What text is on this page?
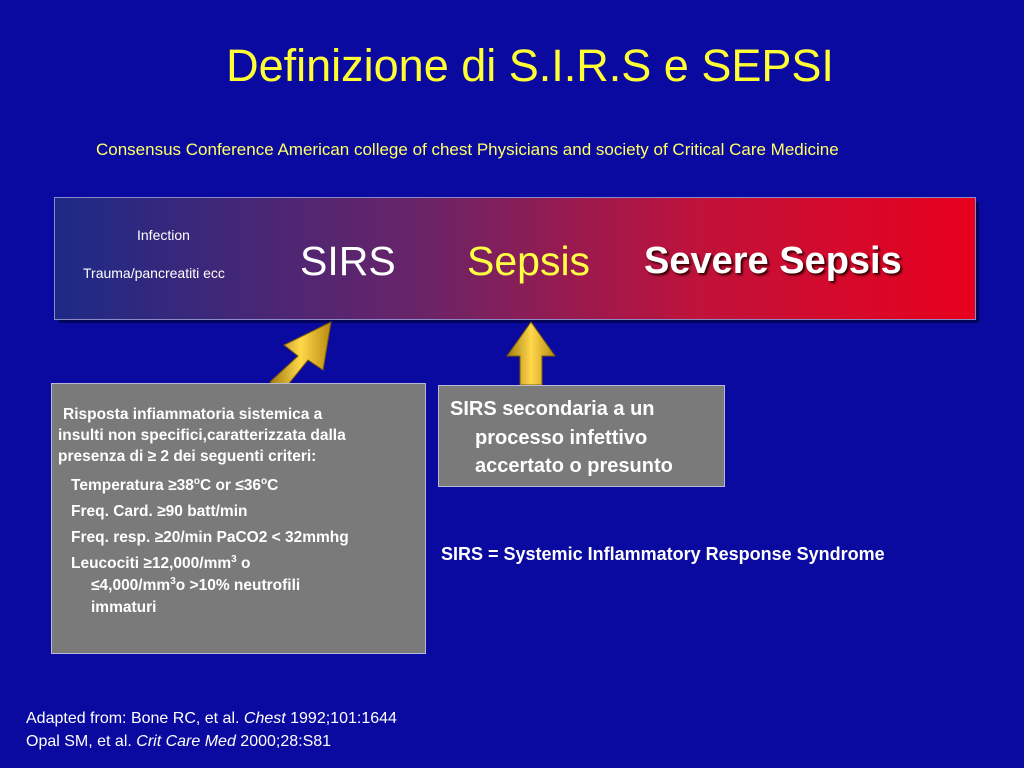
Definizione di S.I.R.S e SEPSI
Consensus Conference American college of chest Physicians and society of Critical Care Medicine
Infection
Trauma/pancreatiti ecc SIRS Sepsis Severe Sepsis
Risposta infiammatoria sistemica a
insulti non specifici,caratterizzata dalla
presenza di ≥ 2 dei seguenti criteri:
Temperatura $\ge 38^oC$ or $\le 36^oC$
Freq. Card. ≥90 batt/min
Freq. resp. ≥20/min PaCO2 < 32mmhg
Leucociti $\ge 12,000/mm^3$ o
$\le 4,000/mm^3o >10\%$ neutrofili
immaturi
SIRS secondaria a un
processo infettivo
accertato o presunto
SIRS = Systemic Inflammatory Response Syndrome
Adapted from: Bone RC, et al. Chest 1992;101:1644
Opal SM, et al. Crit Care Med 2000;28:S81
